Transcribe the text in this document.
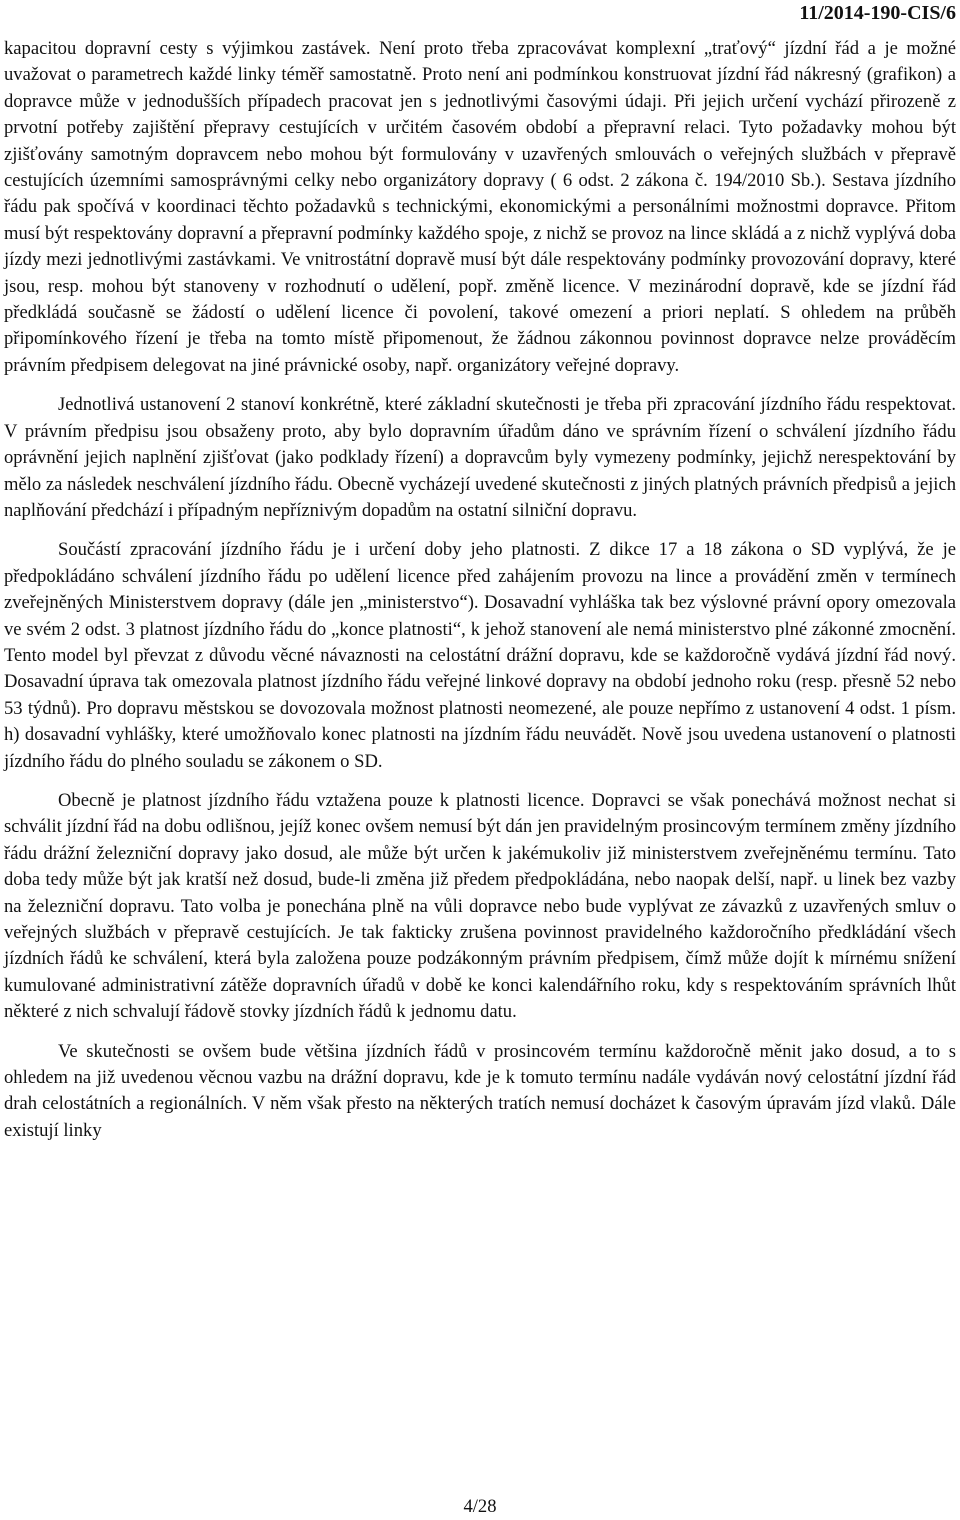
11/2014-190-CIS/6

kapacitou dopravní cesty s výjimkou zastávek. Není proto třeba zpracovávat komplexní „traťový“ jízdní řád a je možné uvažovat o parametrech každé linky téměř samostatně. Proto není ani podmínkou konstruovat jízdní řád nákresný (grafikon) a dopravce může v jednodušších případech pracovat jen s jednotlivými časovými údaji. Při jejich určení vychází přirozeně z prvotní potřeby zajištění přepravy cestujících v určitém časovém období a přepravní relaci. Tyto požadavky mohou být zjišťovány samotným dopravcem nebo mohou být formulovány v uzavřených smlouvách o veřejných službách v přepravě cestujících územními samosprávnými celky nebo organizátory dopravy ( 6 odst. 2 zákona č. 194/2010 Sb.). Sestava jízdního řádu pak spočívá v koordinaci těchto požadavků s technickými, ekonomickými a personálními možnostmi dopravce. Přitom musí být respektovány dopravní a přepravní podmínky každého spoje, z nichž se provoz na lince skládá a z nichž vyplývá doba jízdy mezi jednotlivými zastávkami. Ve vnitrostátní dopravě musí být dále respektovány podmínky provozování dopravy, které jsou, resp. mohou být stanoveny v rozhodnutí o udělení, popř. změně licence. V mezinárodní dopravě, kde se jízdní řád předkládá současně se žádostí o udělení licence či povolení, takové omezení a priori neplatí. S ohledem na průběh připomínkového řízení je třeba na tomto místě připomenout, že žádnou zákonnou povinnost dopravce nelze prováděcím právním předpisem delegovat na jiné právnické osoby, např. organizátory veřejné dopravy.

Jednotlivá ustanovení 2 stanoví konkrétně, které základní skutečnosti je třeba při zpracování jízdního řádu respektovat. V právním předpisu jsou obsaženy proto, aby bylo dopravním úřadům dáno ve správním řízení o schválení jízdního řádu oprávnění jejich naplnění zjišťovat (jako podklady řízení) a dopravcům byly vymezeny podmínky, jejichž nerespektování by mělo za následek neschválení jízdního řádu. Obecně vycházejí uvedené skutečnosti z jiných platných právních předpisů a jejich naplňování předchází i případným nepříznivým dopadům na ostatní silniční dopravu.

Součástí zpracování jízdního řádu je i určení doby jeho platnosti. Z dikce 17 a 18 zákona o SD vyplývá, že je předpokládáno schválení jízdního řádu po udělení licence před zahájením provozu na lince a provádění změn v termínech zveřejněných Ministerstvem dopravy (dále jen „ministerstvo“). Dosavadní vyhláška tak bez výslovné právní opory omezovala ve svém 2 odst. 3 platnost jízdního řádu do „konce platnosti“, k jehož stanovení ale nemá ministerstvo plné zákonné zmocnění. Tento model byl převzat z důvodu věcné návaznosti na celostátní drážní dopravu, kde se každoročně vydává jízdní řád nový. Dosavadní úprava tak omezovala platnost jízdního řádu veřejné linkové dopravy na období jednoho roku (resp. přesně 52 nebo 53 týdnů). Pro dopravu městskou se dovozovala možnost platnosti neomezené, ale pouze nepřímo z ustanovení 4 odst. 1 písm. h) dosavadní vyhlášky, které umožňovalo konec platnosti na jízdním řádu neuvádět. Nově jsou uvedena ustanovení o platnosti jízdního řádu do plného souladu se zákonem o SD.

Obecně je platnost jízdního řádu vztažena pouze k platnosti licence. Dopravci se však ponechává možnost nechat si schválit jízdní řád na dobu odlišnou, jejíž konec ovšem nemusí být dán jen pravidelným prosincovým termínem změny jízdního řádu drážní železniční dopravy jako dosud, ale může být určen k jakémukoliv již ministerstvem zveřejněnému termínu. Tato doba tedy může být jak kratší než dosud, bude-li změna již předem předpokládána, nebo naopak delší, např. u linek bez vazby na železniční dopravu. Tato volba je ponechána plně na vůli dopravce nebo bude vyplývat ze závazků z uzavřených smluv o veřejných službách v přepravě cestujících. Je tak fakticky zrušena povinnost pravidelného každoročního předkládání všech jízdních řádů ke schválení, která byla založena pouze podzákonným právním předpisem, čímž může dojít k mírnému snížení kumulované administrativní zátěže dopravních úřadů v době ke konci kalendářního roku, kdy s respektováním správních lhůt některé z nich schvalují řádově stovky jízdních řádů k jednomu datu.

Ve skutečnosti se ovšem bude většina jízdních řádů v prosincovém termínu každoročně měnit jako dosud, a to s ohledem na již uvedenou věcnou vazbu na drážní dopravu, kde je k tomuto termínu nadále vydáván nový celostátní jízdní řád drah celostátních a regionálních. V něm však přesto na některých tratích nemusí docházet k časovým úpravám jízd vlaků. Dále existují linky

4/28
